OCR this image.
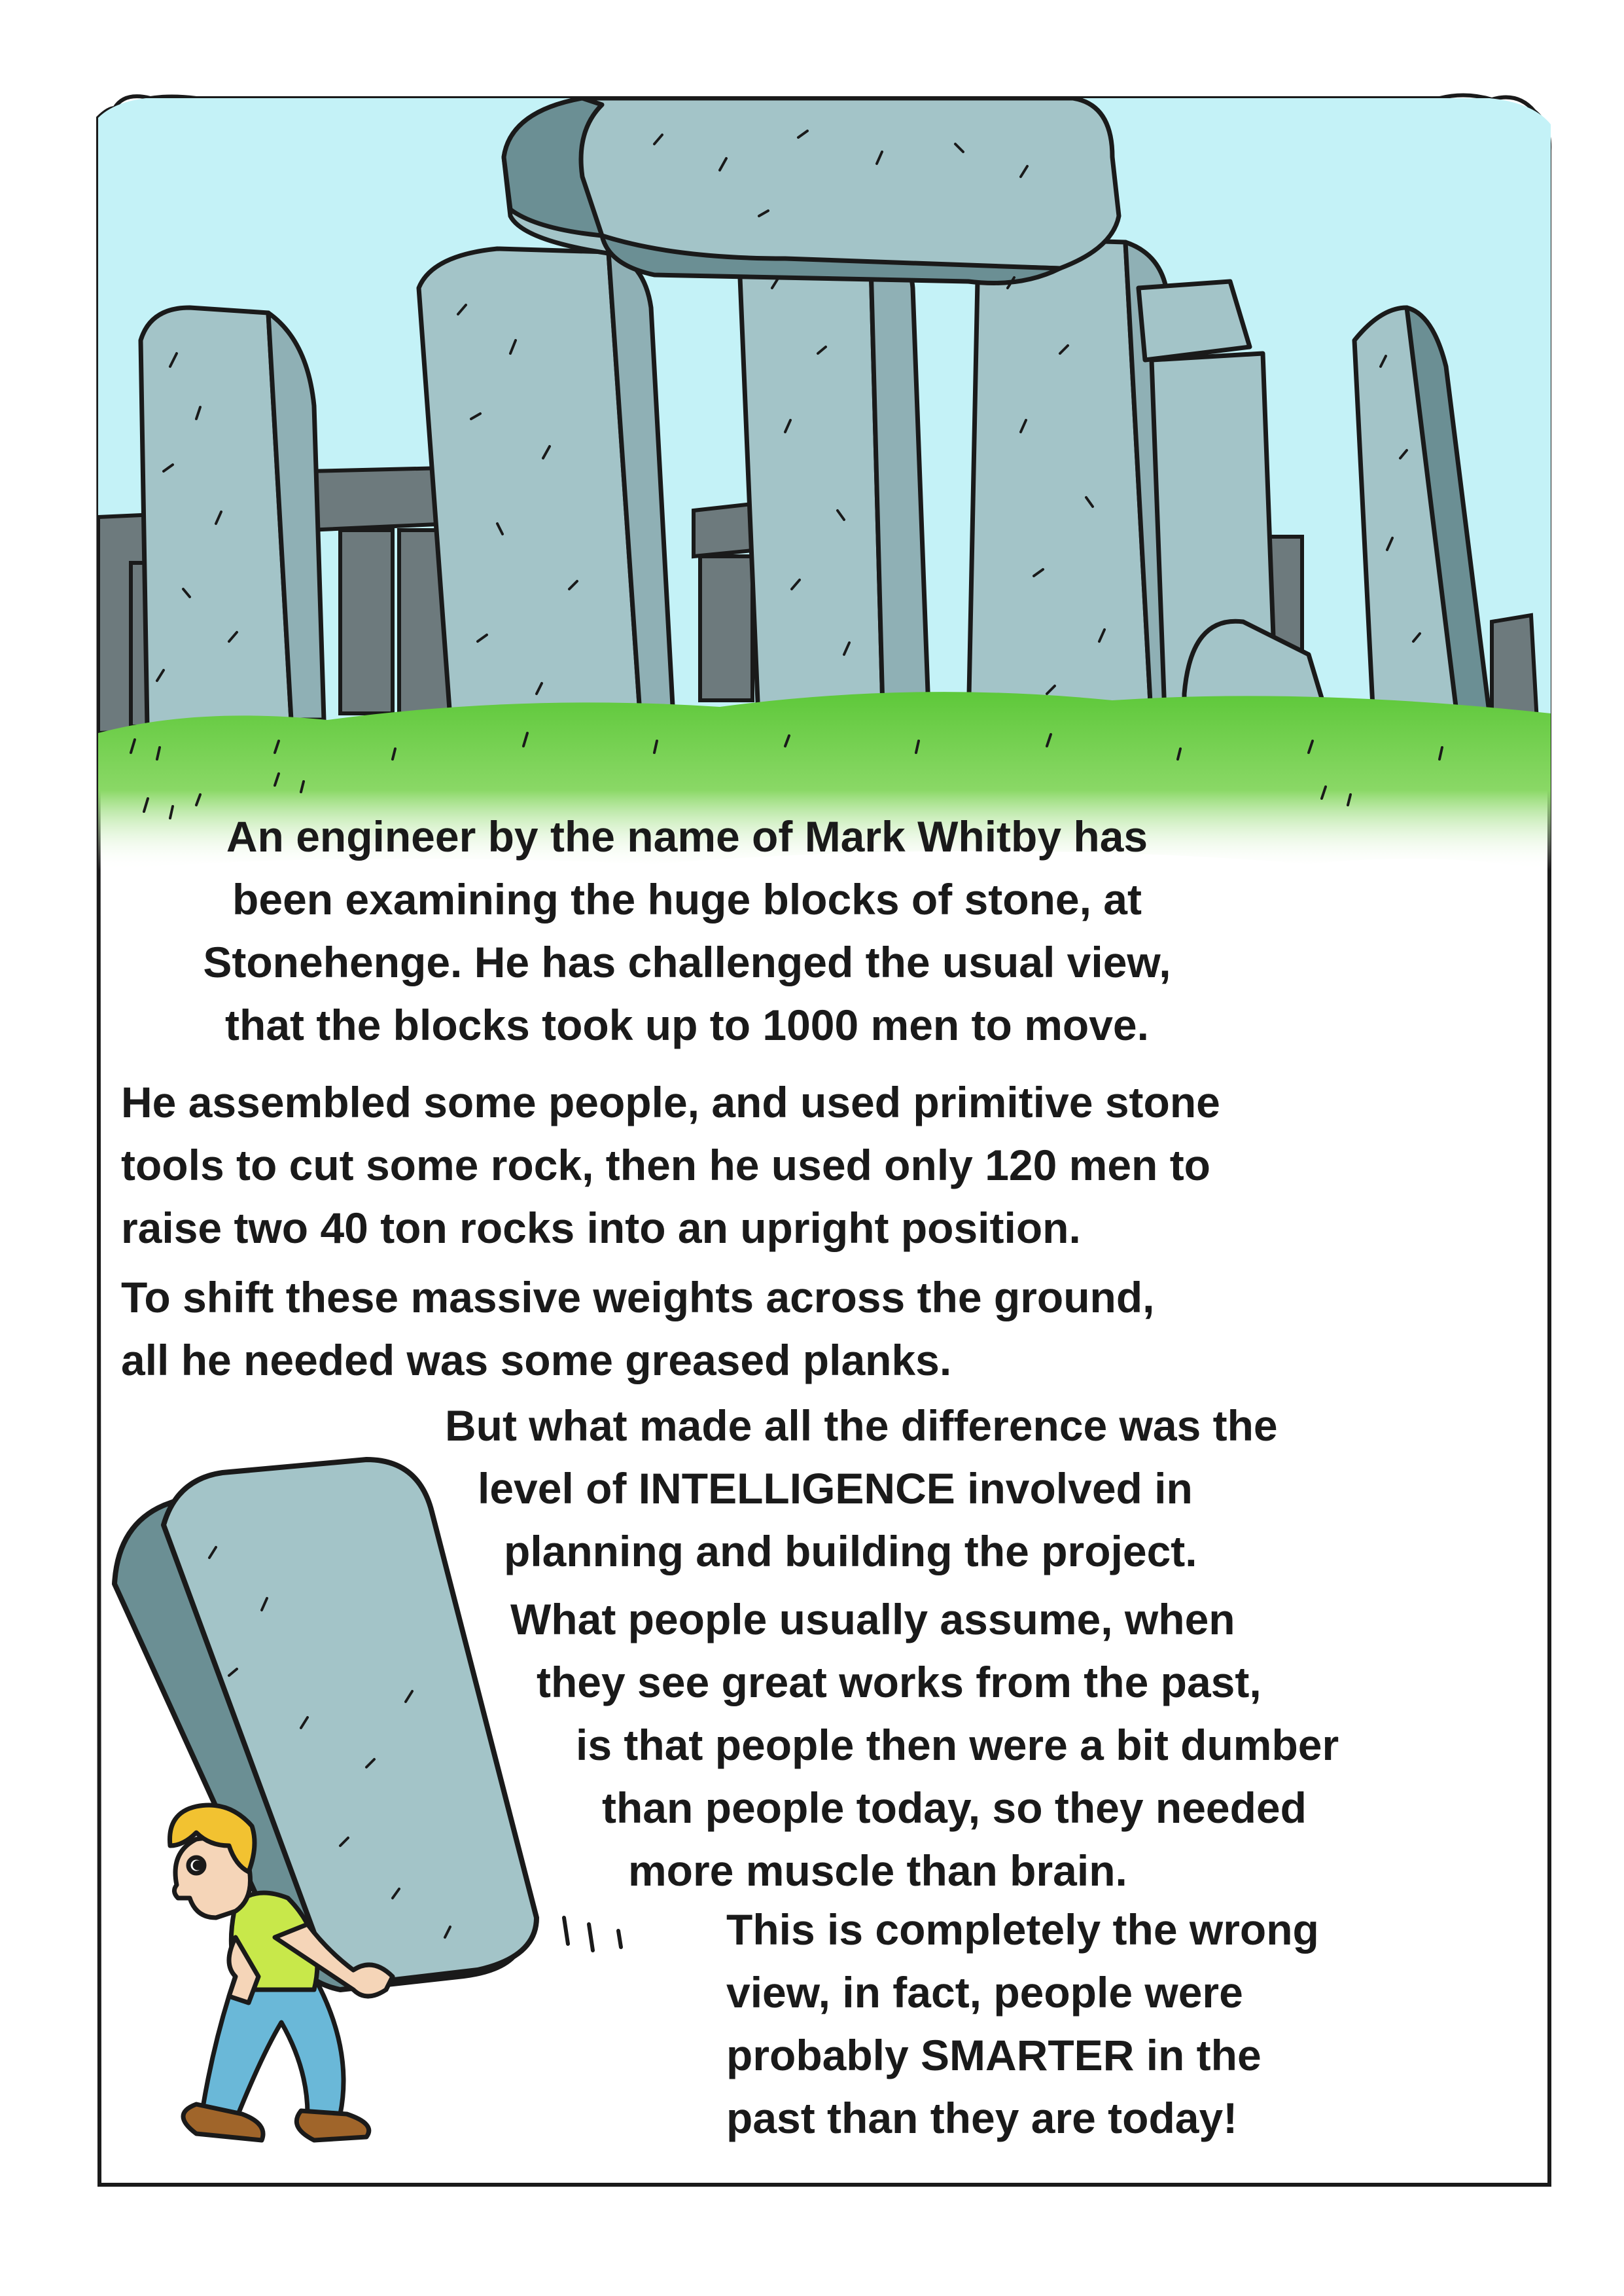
An engineer by the name of Mark Whitby has
been examining the huge blocks of stone, at
Stonehenge. He has challenged the usual view,
that the blocks took up to 1000 men to move.
He assembled some people, and used primitive stone
tools to cut some rock, then he used only 120 men to
raise two 40 ton rocks into an upright position.
To shift these massive weights across the ground,
all he needed was some greased planks.
But what made all the difference was the
level of INTELLIGENCE involved in
planning and building the project.
What people usually assume, when
they see great works from the past,
is that people then were a bit dumber
than people today, so they needed
more muscle than brain.
This is completely the wrong
view, in fact, people were
probably SMARTER in the
past than they are today!
